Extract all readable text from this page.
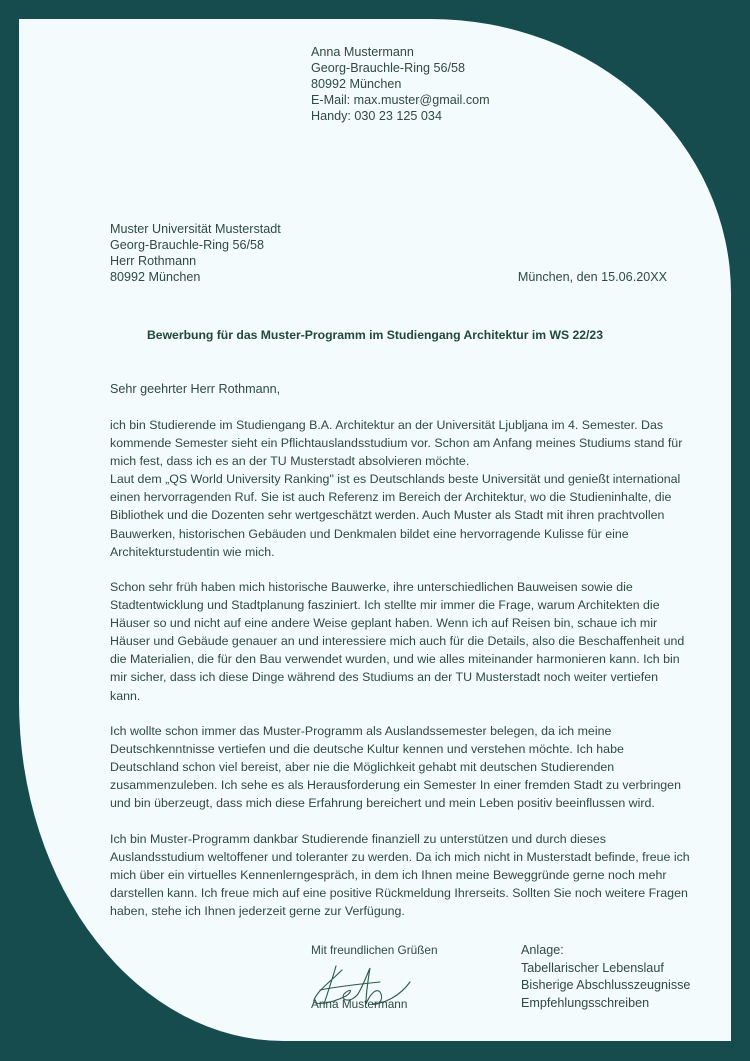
Anna Mustermann
Georg-Brauchle-Ring 56/58
80992 München
E-Mail: max.muster@gmail.com
Handy: 030 23 125 034
Muster Universität Musterstadt
Georg-Brauchle-Ring 56/58
Herr Rothmann
80992 München	München, den 15.06.20XX
Bewerbung für das Muster-Programm im Studiengang Architektur im WS 22/23
Sehr geehrter Herr Rothmann,

ich bin Studierende im Studiengang B.A. Architektur an der Universität Ljubljana im 4. Semester. Das kommende Semester sieht ein Pflichtauslandsstudium vor. Schon am Anfang meines Studiums stand für mich fest, dass ich es an der TU Musterstadt absolvieren möchte.

Laut dem „QS World University Ranking" ist es Deutschlands beste Universität und genießt international einen hervorragenden Ruf. Sie ist auch Referenz im Bereich der Architektur, wo die Studieninhalte, die Bibliothek und die Dozenten sehr wertgeschätzt werden. Auch Muster als Stadt mit ihren prachtvollen Bauwerken, historischen Gebäuden und Denkmalen bildet eine hervorragende Kulisse für eine Architekturstudentin wie mich.

Schon sehr früh haben mich historische Bauwerke, ihre unterschiedlichen Bauweisen sowie die Stadtentwicklung und Stadtplanung fasziniert. Ich stellte mir immer die Frage, warum Architekten die Häuser so und nicht auf eine andere Weise geplant haben. Wenn ich auf Reisen bin, schaue ich mir Häuser und Gebäude genauer an und interessiere mich auch für die Details, also die Beschaffenheit und die Materialien, die für den Bau verwendet wurden, und wie alles miteinander harmonieren kann. Ich bin mir sicher, dass ich diese Dinge während des Studiums an der TU Musterstadt noch weiter vertiefen kann.

Ich wollte schon immer das Muster-Programm als Auslandssemester belegen, da ich meine Deutschkenntnisse vertiefen und die deutsche Kultur kennen und verstehen möchte. Ich habe Deutschland schon viel bereist, aber nie die Möglichkeit gehabt mit deutschen Studierenden zusammenzuleben. Ich sehe es als Herausforderung ein Semester In einer fremden Stadt zu verbringen und bin überzeugt, dass mich diese Erfahrung bereichert und mein Leben positiv beeinflussen wird.

Ich bin Muster-Programm dankbar Studierende finanziell zu unterstützen und durch dieses Auslandsstudium weltoffener und toleranter zu werden. Da ich mich nicht in Musterstadt befinde, freue ich mich über ein virtuelles Kennenlerngespräch, in dem ich Ihnen meine Beweggründe gerne noch mehr darstellen kann. Ich freue mich auf eine positive Rückmeldung Ihrerseits. Sollten Sie noch weitere Fragen haben, stehe ich Ihnen jederzeit gerne zur Verfügung.

Mit freundlichen Grüßen
Anna Mustermann
Anlage:
Tabellarischer Lebenslauf
Bisherige Abschlusszeugnisse
Empfehlungsschreiben
